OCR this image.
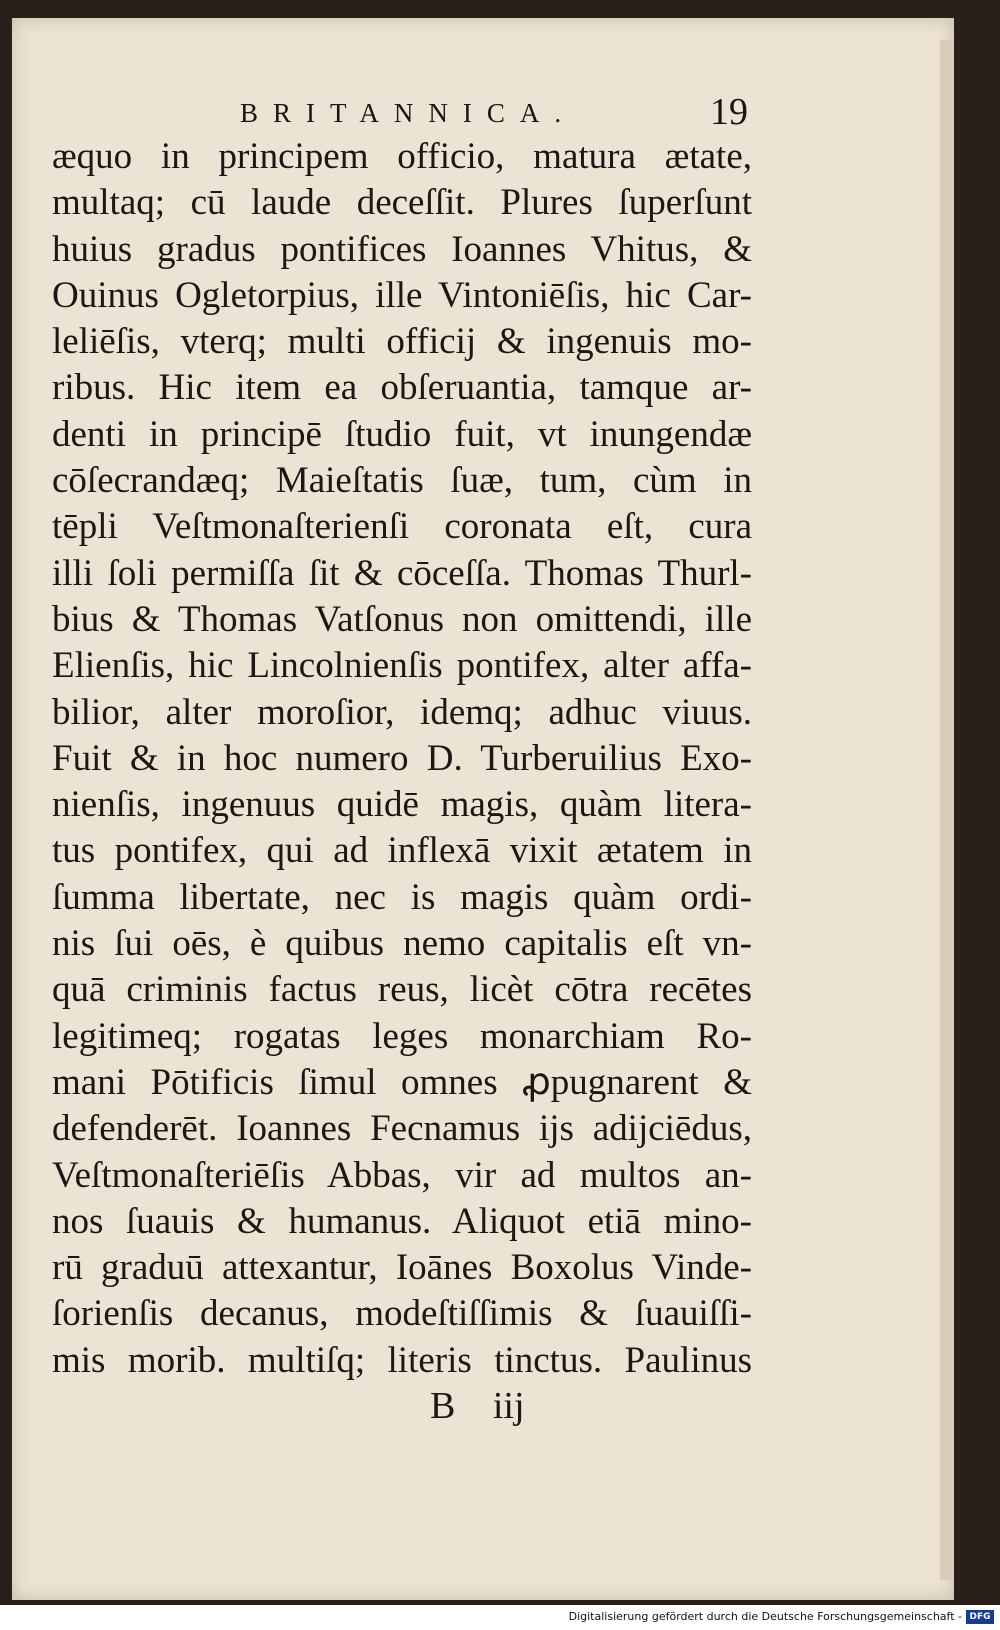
BRITANNICA.	19
æquo in principem officio, matura ætate,
multaq; cū laude deceſſit. Plures ſuperſunt
huius gradus pontifices Ioannes Vhitus, &
Ouinus Ogletorpius, ille Vintoniēſis, hic Car-
leliēſis, vterq; multi officij & ingenuis mo-
ribus. Hic item ea obſeruantia, tamque ar-
denti in principē ſtudio fuit, vt inungendæ
cōſecrandæq; Maieſtatis ſuæ, tum, cùm in
tēpli Veſtmonaſterienſi coronata eſt, cura
illi ſoli permiſſa ſit & cōceſſa. Thomas Thurl-
bius & Thomas Vatſonus non omittendi, ille
Elienſis, hic Lincolnienſis pontifex, alter affa-
bilior, alter moroſior, idemq; adhuc viuus.
Fuit & in hoc numero D. Turberuilius Exo-
nienſis, ingenuus quidē magis, quàm litera-
tus pontifex, qui ad inflexā vixit ætatem in
ſumma libertate, nec is magis quàm ordi-
nis ſui oēs, è quibus nemo capitalis eſt vn-
quā criminis factus reus, licèt cōtra recētes
legitimeq; rogatas leges monarchiam Ro-
mani Pōtificis ſimul omnes ꝓpugnarent &
defenderēt. Ioannes Fecnamus ijs adijciēdus,
Veſtmonaſteriēſis Abbas, vir ad multos an-
nos ſuauis & humanus. Aliquot etiā mino-
rū graduū attexantur, Ioānes Boxolus Vinde-
ſorienſis decanus, modeſtiſſimis & ſuauiſſi-
mis morib. multiſq; literis tinctus. Paulinus
B iij
Digitalisierung gefördert durch die Deutsche Forschungsgemeinschaft - DFG
